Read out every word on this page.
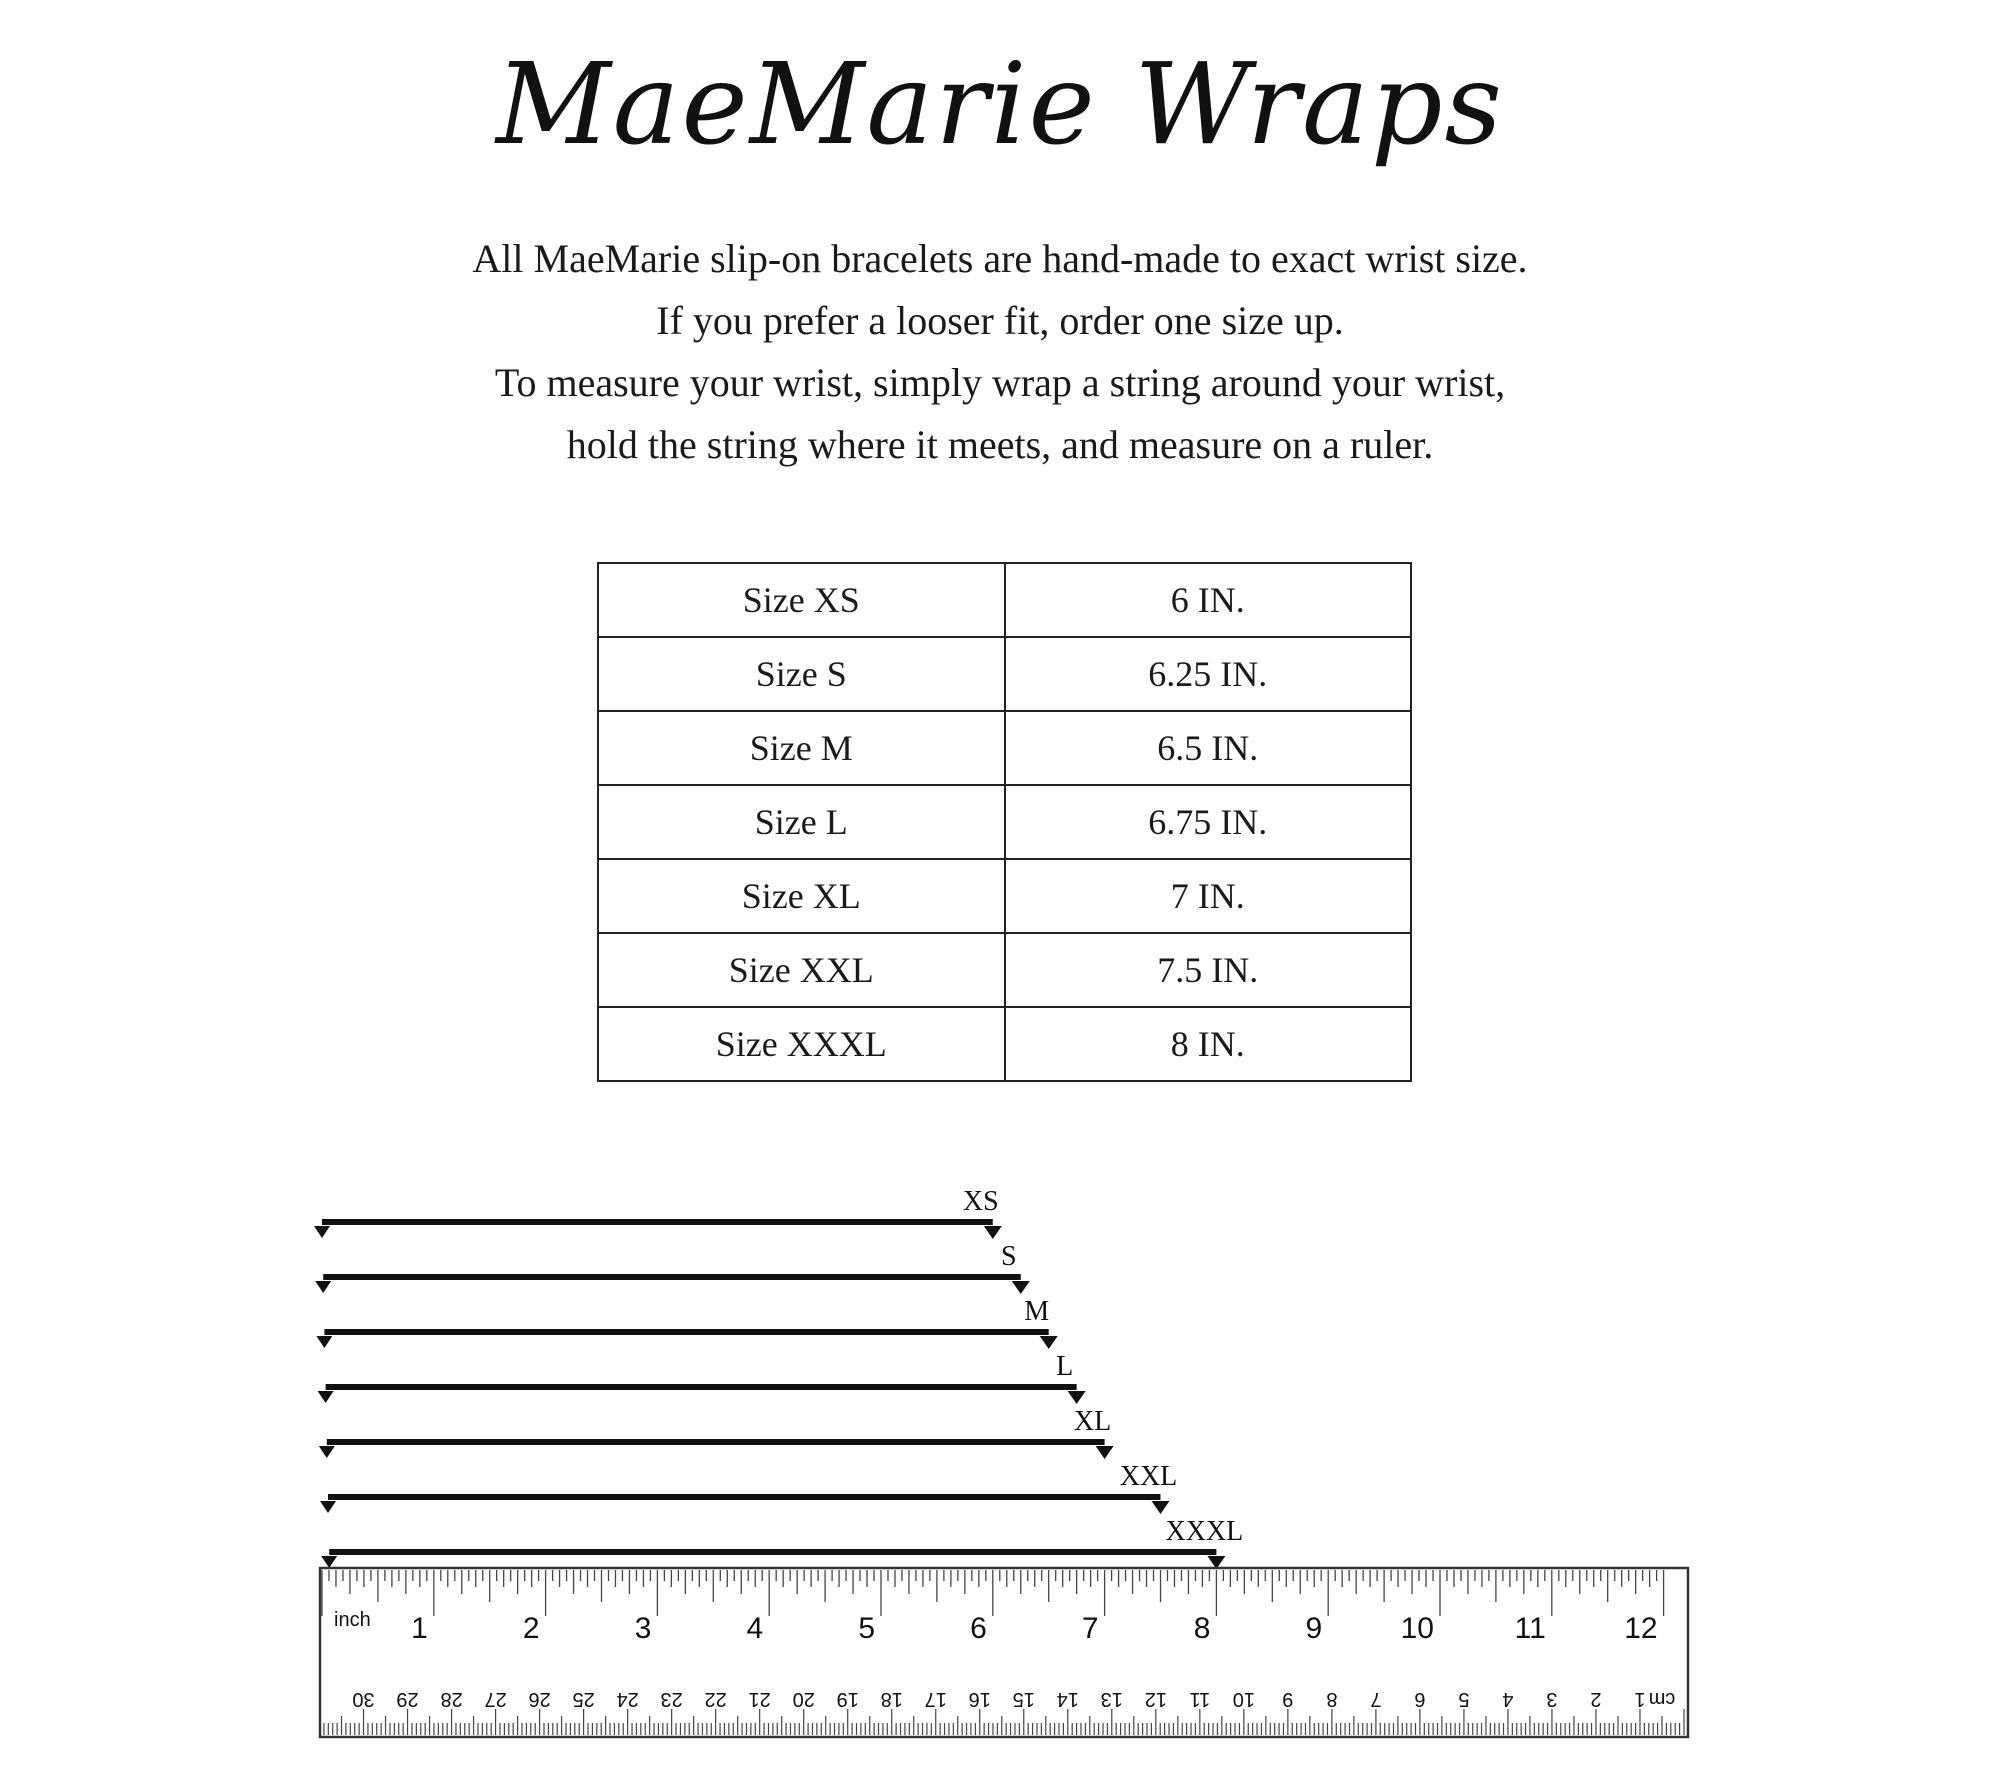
MaeMarie Wraps

All MaeMarie slip-on bracelets are hand-made to exact wrist size.

If you prefer a looser fit, order one size up.

To measure your wrist, simply wrap a string around your wrist,

hold the string where it meets, and measure on a ruler.

Size XS	6 IN.
Size S	6.25 IN.
Size M	6.5 IN.
Size L	6.75 IN.
Size XL	7 IN.
Size XXL	7.5 IN.
Size XXXL	8 IN.
XS
S
M
L
XL
XXL
XXXL
1	2	3	4	5	6	7	8	9	10	11	12
inch
1
2
3
4
5
6
7
8
9
10
11
12
13
14
15
16
17
18
19
20
21
22
23
24
25
26
27
28
29
30	cm
